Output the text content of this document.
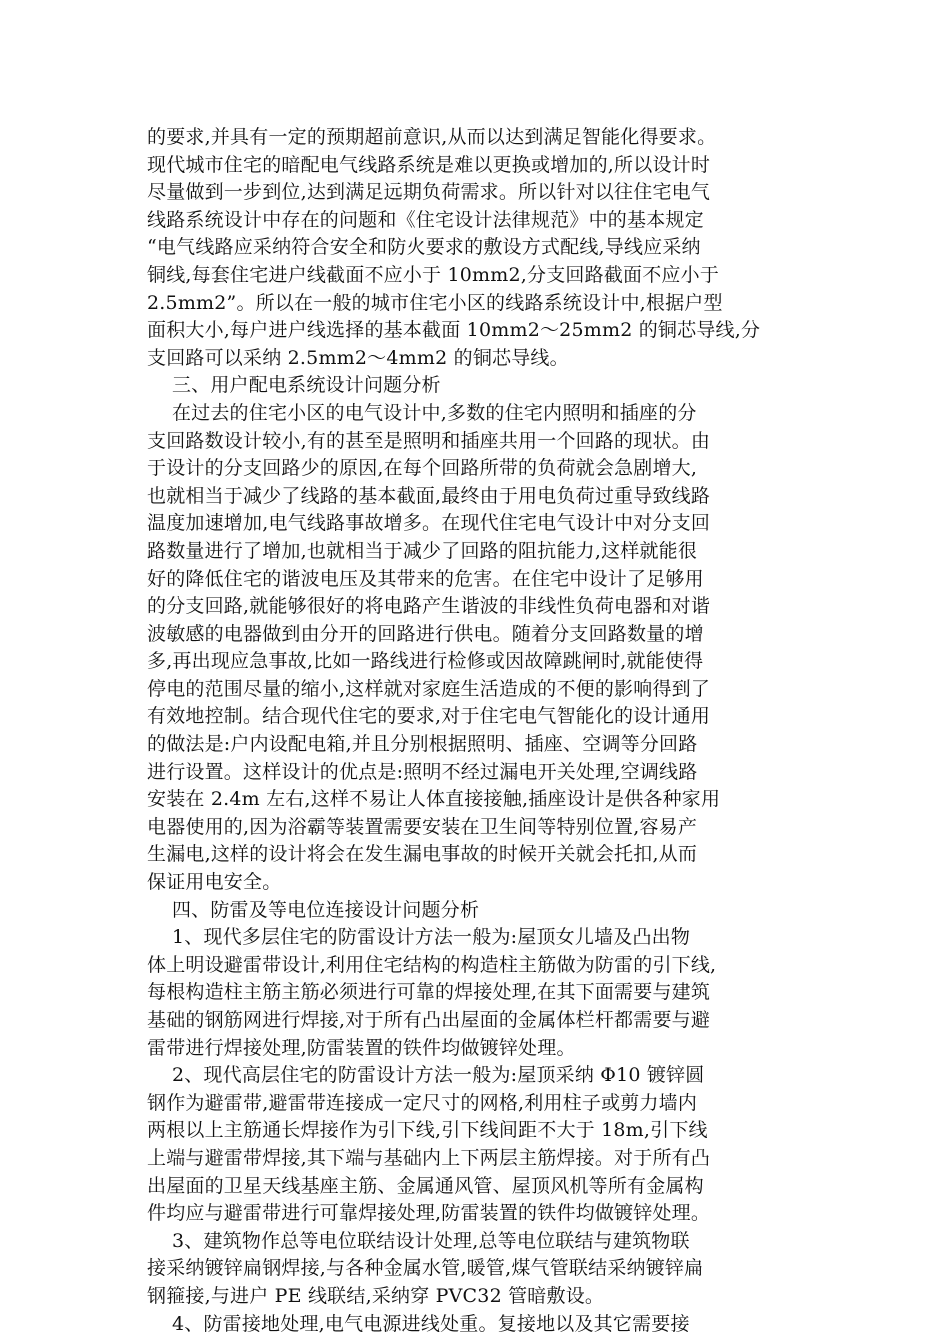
的要求,并具有一定的预期超前意识,从而以达到满足智能化得要求。
现代城市住宅的暗配电气线路系统是难以更换或增加的,所以设计时
尽量做到一步到位,达到满足远期负荷需求。所以针对以往住宅电气
线路系统设计中存在的问题和《住宅设计法律规范》中的基本规定
“电气线路应采纳符合安全和防火要求的敷设方式配线,导线应采纳
铜线,每套住宅进户线截面不应小于 10mm2,分支回路截面不应小于
2.5mm2”。所以在一般的城市住宅小区的线路系统设计中,根据户型
面积大小,每户进户线选择的基本截面 10mm2～25mm2 的铜芯导线,分
支回路可以采纳 2.5mm2～4mm2 的铜芯导线。
三、用户配电系统设计问题分析
在过去的住宅小区的电气设计中,多数的住宅内照明和插座的分
支回路数设计较小,有的甚至是照明和插座共用一个回路的现状。由
于设计的分支回路少的原因,在每个回路所带的负荷就会急剧增大,
也就相当于减少了线路的基本截面,最终由于用电负荷过重导致线路
温度加速增加,电气线路事故增多。在现代住宅电气设计中对分支回
路数量进行了增加,也就相当于减少了回路的阻抗能力,这样就能很
好的降低住宅的谐波电压及其带来的危害。在住宅中设计了足够用
的分支回路,就能够很好的将电路产生谐波的非线性负荷电器和对谐
波敏感的电器做到由分开的回路进行供电。随着分支回路数量的增
多,再出现应急事故,比如一路线进行检修或因故障跳闸时,就能使得
停电的范围尽量的缩小,这样就对家庭生活造成的不便的影响得到了
有效地控制。结合现代住宅的要求,对于住宅电气智能化的设计通用
的做法是:户内设配电箱,并且分别根据照明、插座、空调等分回路
进行设置。这样设计的优点是:照明不经过漏电开关处理,空调线路
安装在 2.4m 左右,这样不易让人体直接接触,插座设计是供各种家用
电器使用的,因为浴霸等装置需要安装在卫生间等特别位置,容易产
生漏电,这样的设计将会在发生漏电事故的时候开关就会托扣,从而
保证用电安全。
四、防雷及等电位连接设计问题分析
1、现代多层住宅的防雷设计方法一般为:屋顶女儿墙及凸出物
体上明设避雷带设计,利用住宅结构的构造柱主筋做为防雷的引下线,
每根构造柱主筋主筋必须进行可靠的焊接处理,在其下面需要与建筑
基础的钢筋网进行焊接,对于所有凸出屋面的金属体栏杆都需要与避
雷带进行焊接处理,防雷装置的铁件均做镀锌处理。
2、现代高层住宅的防雷设计方法一般为:屋顶采纳 Φ10 镀锌圆
钢作为避雷带,避雷带连接成一定尺寸的网格,利用柱子或剪力墙内
两根以上主筋通长焊接作为引下线,引下线间距不大于 18m,引下线
上端与避雷带焊接,其下端与基础内上下两层主筋焊接。对于所有凸
出屋面的卫星天线基座主筋、金属通风管、屋顶风机等所有金属构
件均应与避雷带进行可靠焊接处理,防雷装置的铁件均做镀锌处理。
3、建筑物作总等电位联结设计处理,总等电位联结与建筑物联
接采纳镀锌扁钢焊接,与各种金属水管,暖管,煤气管联结采纳镀锌扁
钢箍接,与进户 PE 线联结,采纳穿 PVC32 管暗敷设。
4、防雷接地处理,电气电源进线处重。复接地以及其它需要接
